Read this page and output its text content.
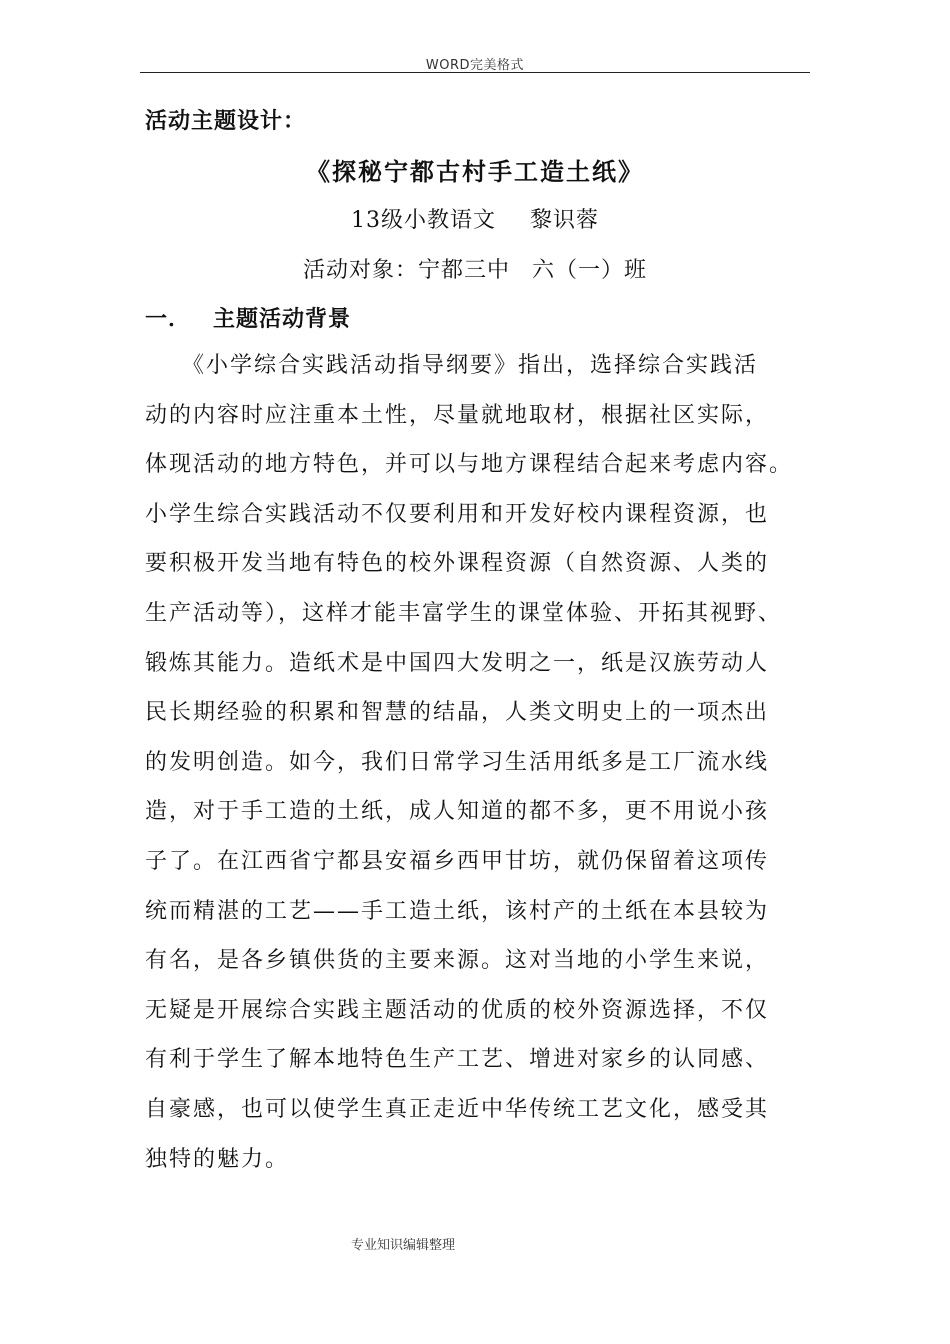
WORD完美格式
活动主题设计：
《探秘宁都古村手工造土纸》
13级小教语文 黎识蓉
活动对象：宁都三中 六（一）班
一． 主题活动背景
　　《小学综合实践活动指导纲要》指出，选择综合实践活
动的内容时应注重本土性，尽量就地取材，根据社区实际，
体现活动的地方特色，并可以与地方课程结合起来考虑内容。
小学生综合实践活动不仅要利用和开发好校内课程资源，也
要积极开发当地有特色的校外课程资源（自然资源、人类的
生产活动等），这样才能丰富学生的课堂体验、开拓其视野、
锻炼其能力。造纸术是中国四大发明之一，纸是汉族劳动人
民长期经验的积累和智慧的结晶，人类文明史上的一项杰出
的发明创造。如今，我们日常学习生活用纸多是工厂流水线
造，对于手工造的土纸，成人知道的都不多，更不用说小孩
子了。在江西省宁都县安福乡西甲甘坊，就仍保留着这项传
统而精湛的工艺——手工造土纸，该村产的土纸在本县较为
有名，是各乡镇供货的主要来源。这对当地的小学生来说，
无疑是开展综合实践主题活动的优质的校外资源选择，不仅
有利于学生了解本地特色生产工艺、增进对家乡的认同感、
自豪感，也可以使学生真正走近中华传统工艺文化，感受其
独特的魅力。
专业知识编辑整理
